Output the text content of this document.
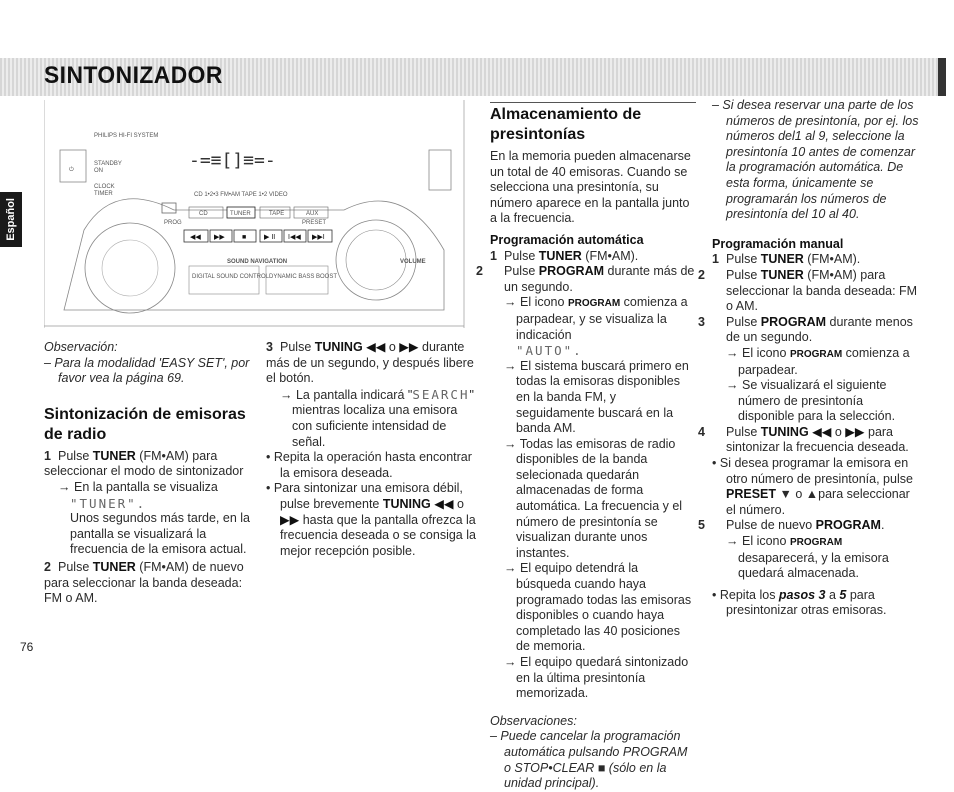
SINTONIZADOR
Español
⏻
PHILIPS HI-FI SYSTEM
STANDBY
ON
CLOCK
TIMER
-=≡[]≡=-
CD 1•2•3 FM•AM TAPE 1•2 VIDEO
CD	TUNER	TAPE	AUX
PROG	PRESET
◀◀ ▶▶ ■	▶ II I◀◀ ▶▶I
SOUND NAVIGATION	VOLUME
DIGITAL SOUND CONTROL DYNAMIC BASS BOOST

Observación:

– Para la modalidad 'EASY SET', por favor vea la página 69.

Sintonización de emisoras de radio

1 Pulse TUNER (FM•AM) para seleccionar el modo de sintonizador

→ En la pantalla se visualiza

"TUNER".

Unos segundos más tarde, en la pantalla se visualizará la frecuencia de la emisora actual.

2 Pulse TUNER (FM•AM) de nuevo para seleccionar la banda deseada: FM o AM.

3 Pulse TUNING ◀◀ o ▶▶ durante más de un segundo, y después libere el botón.

→ La pantalla indicará "SEARCH" mientras localiza una emisora con suficiente intensidad de señal.

• Repita la operación hasta encontrar la emisora deseada.

• Para sintonizar una emisora débil, pulse brevemente TUNING ◀◀ o ▶▶ hasta que la pantalla ofrezca la frecuencia deseada o se consiga la mejor recepción posible.

Almacenamiento de presintonías

En la memoria pueden almacenarse un total de 40 emisoras. Cuando se selecciona una presintonía, su número aparece en la pantalla junto a la frecuencia.

Programación automática

1 Pulse TUNER (FM•AM).

2 Pulse PROGRAM durante más de un segundo.

→ El icono PROGRAM comienza a parpadear, y se visualiza la indicación

"AUTO".

→ El sistema buscará primero en todas la emisoras disponibles en la banda FM, y seguidamente buscará en la banda AM.

→ Todas las emisoras de radio disponibles de la banda selecionada quedarán almacenadas de forma automática. La frecuencia y el número de presintonía se visualizan durante unos instantes.

→ El equipo detendrá la búsqueda cuando haya programado todas las emisoras disponibles o cuando haya completado las 40 posiciones de memoria.

→ El equipo quedará sintonizado en la última presintonía memorizada.

Observaciones:

– Puede cancelar la programación automática pulsando PROGRAM o STOP•CLEAR ■ (sólo en la unidad principal).

– Si desea reservar una parte de los números de presintonía, por ej. los números del1 al 9, seleccione la presintonía 10 antes de comenzar la programación automática. De esta forma, únicamente se programarán los números de presintonía del 10 al 40.

Programación manual

1 Pulse TUNER (FM•AM).

2 Pulse TUNER (FM•AM) para seleccionar la banda deseada: FM o AM.

3 Pulse PROGRAM durante menos de un segundo.

→ El icono PROGRAM comienza a parpadear.

→ Se visualizará el siguiente número de presintonía disponible para la selección.

4 Pulse TUNING ◀◀ o ▶▶ para sintonizar la frecuencia deseada.

• Si desea programar la emisora en otro número de presintonía, pulse PRESET ▼ o ▲para seleccionar el número.

5 Pulse de nuevo PROGRAM.

→ El icono PROGRAM desaparecerá, y la emisora quedará almacenada.

• Repita los pasos 3 a 5 para presintonizar otras emisoras.

76
